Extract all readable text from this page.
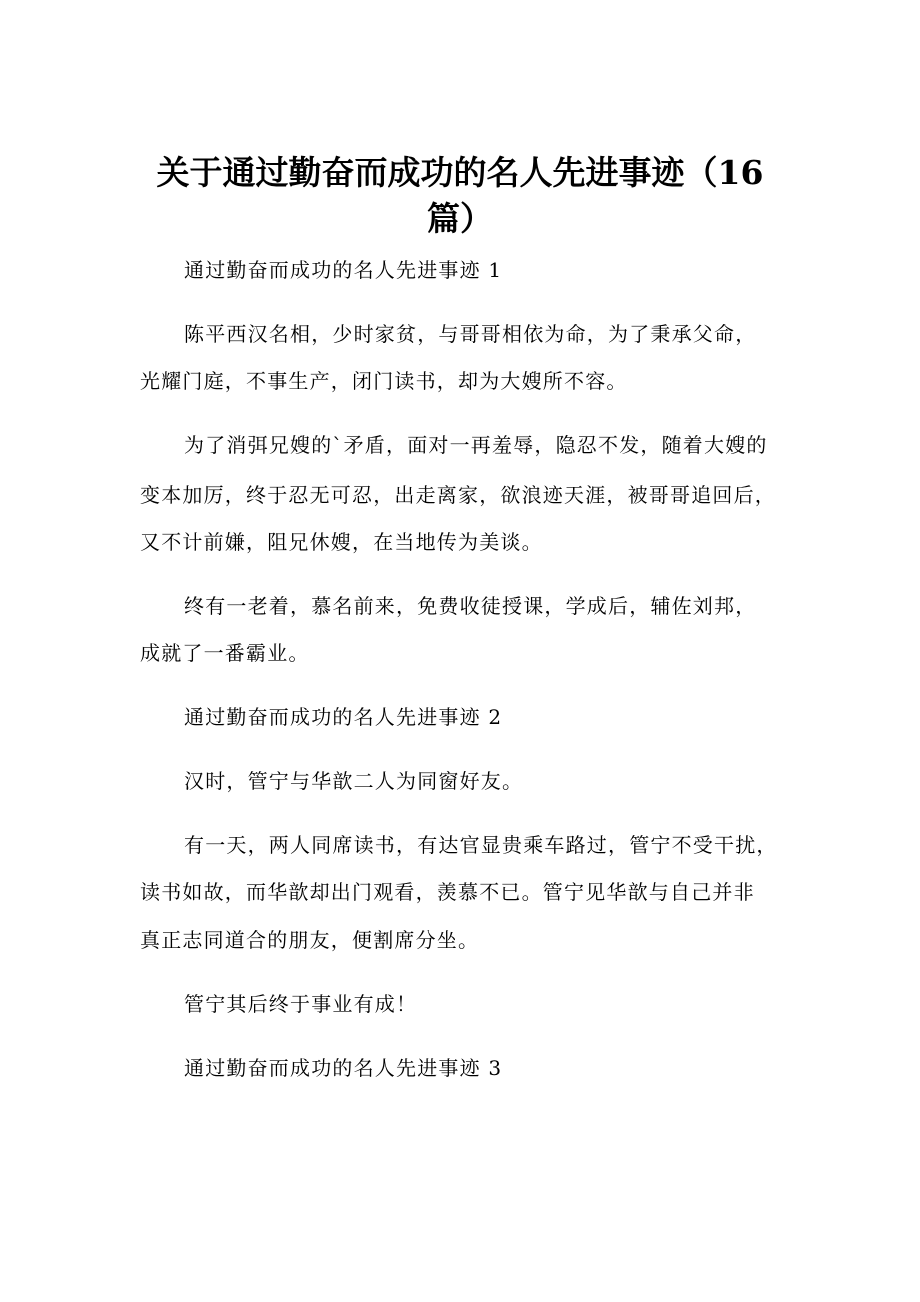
关于通过勤奋而成功的名人先进事迹（16
篇）

通过勤奋而成功的名人先进事迹 1

陈平西汉名相，少时家贫，与哥哥相依为命，为了秉承父命，

光耀门庭，不事生产，闭门读书，却为大嫂所不容。

为了消弭兄嫂的`矛盾，面对一再羞辱，隐忍不发，随着大嫂的

变本加厉，终于忍无可忍，出走离家，欲浪迹天涯，被哥哥追回后，

又不计前嫌，阻兄休嫂，在当地传为美谈。

终有一老着，慕名前来，免费收徒授课，学成后，辅佐刘邦，

成就了一番霸业。

通过勤奋而成功的名人先进事迹 2

汉时，管宁与华歆二人为同窗好友。

有一天，两人同席读书，有达官显贵乘车路过，管宁不受干扰，

读书如故，而华歆却出门观看，羡慕不已。管宁见华歆与自己并非

真正志同道合的朋友，便割席分坐。

管宁其后终于事业有成！

通过勤奋而成功的名人先进事迹 3
